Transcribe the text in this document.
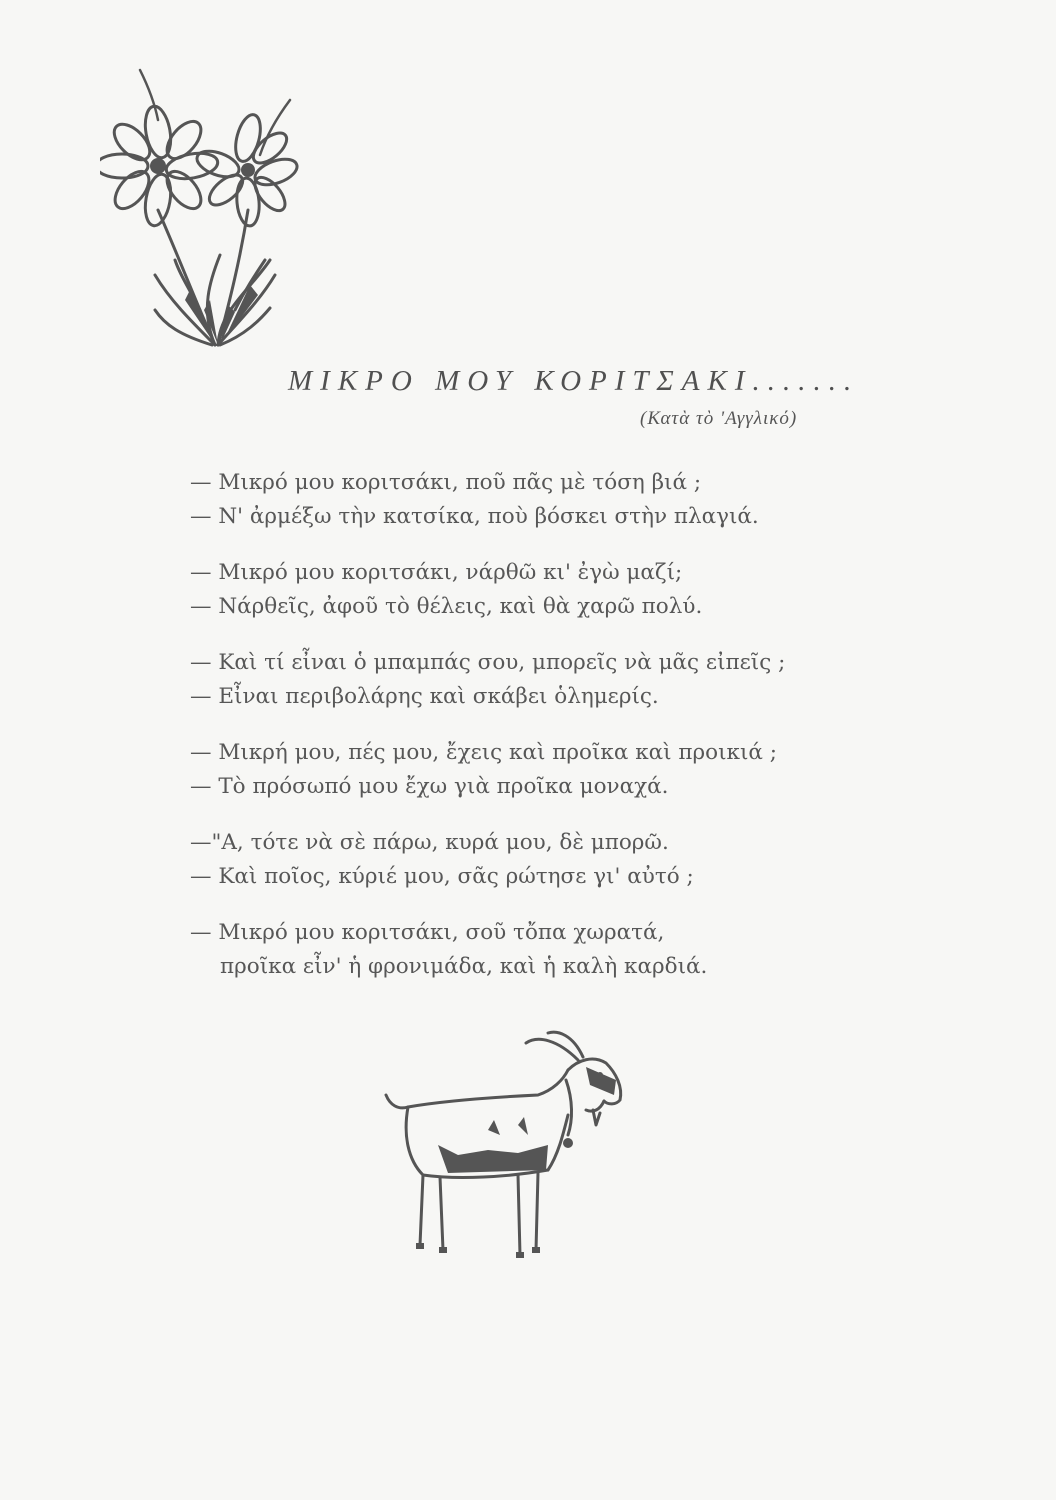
ΜΙΚΡΟ ΜΟΥ ΚΟΡΙΤΣΑΚΙ.......
(Κατὰ τὸ 'Αγγλικό)
— Μικρό μου κοριτσάκι, ποῦ πᾶς μὲ τόση βιά ;
— Ν' ἀρμέξω τὴν κατσίκα, ποὺ βόσκει στὴν πλαγιά.
— Μικρό μου κοριτσάκι, νάρθῶ κι' ἐγὼ μαζί;
— Νάρθεῖς, ἀφοῦ τὸ θέλεις, καὶ θὰ χαρῶ πολύ.
— Καὶ τί εἶναι ὁ μπαμπάς σου, μπορεῖς νὰ μᾶς εἰπεῖς ;
— Εἶναι περιβολάρης καὶ σκάβει ὁλημερίς.
— Μικρή μου, πές μου, ἔχεις καὶ προῖκα καὶ προικιά ;
— Τὸ πρόσωπό μου ἔχω γιὰ προῖκα μοναχά.
—"Α, τότε νὰ σὲ πάρω, κυρά μου, δὲ μπορῶ.
— Καὶ ποῖος, κύριέ μου, σᾶς ρώτησε γι' αὐτό ;
— Μικρό μου κοριτσάκι, σοῦ τὄπα χωρατά,
προῖκα εἶν' ἡ φρονιμάδα, καὶ ἡ καλὴ καρδιά.
